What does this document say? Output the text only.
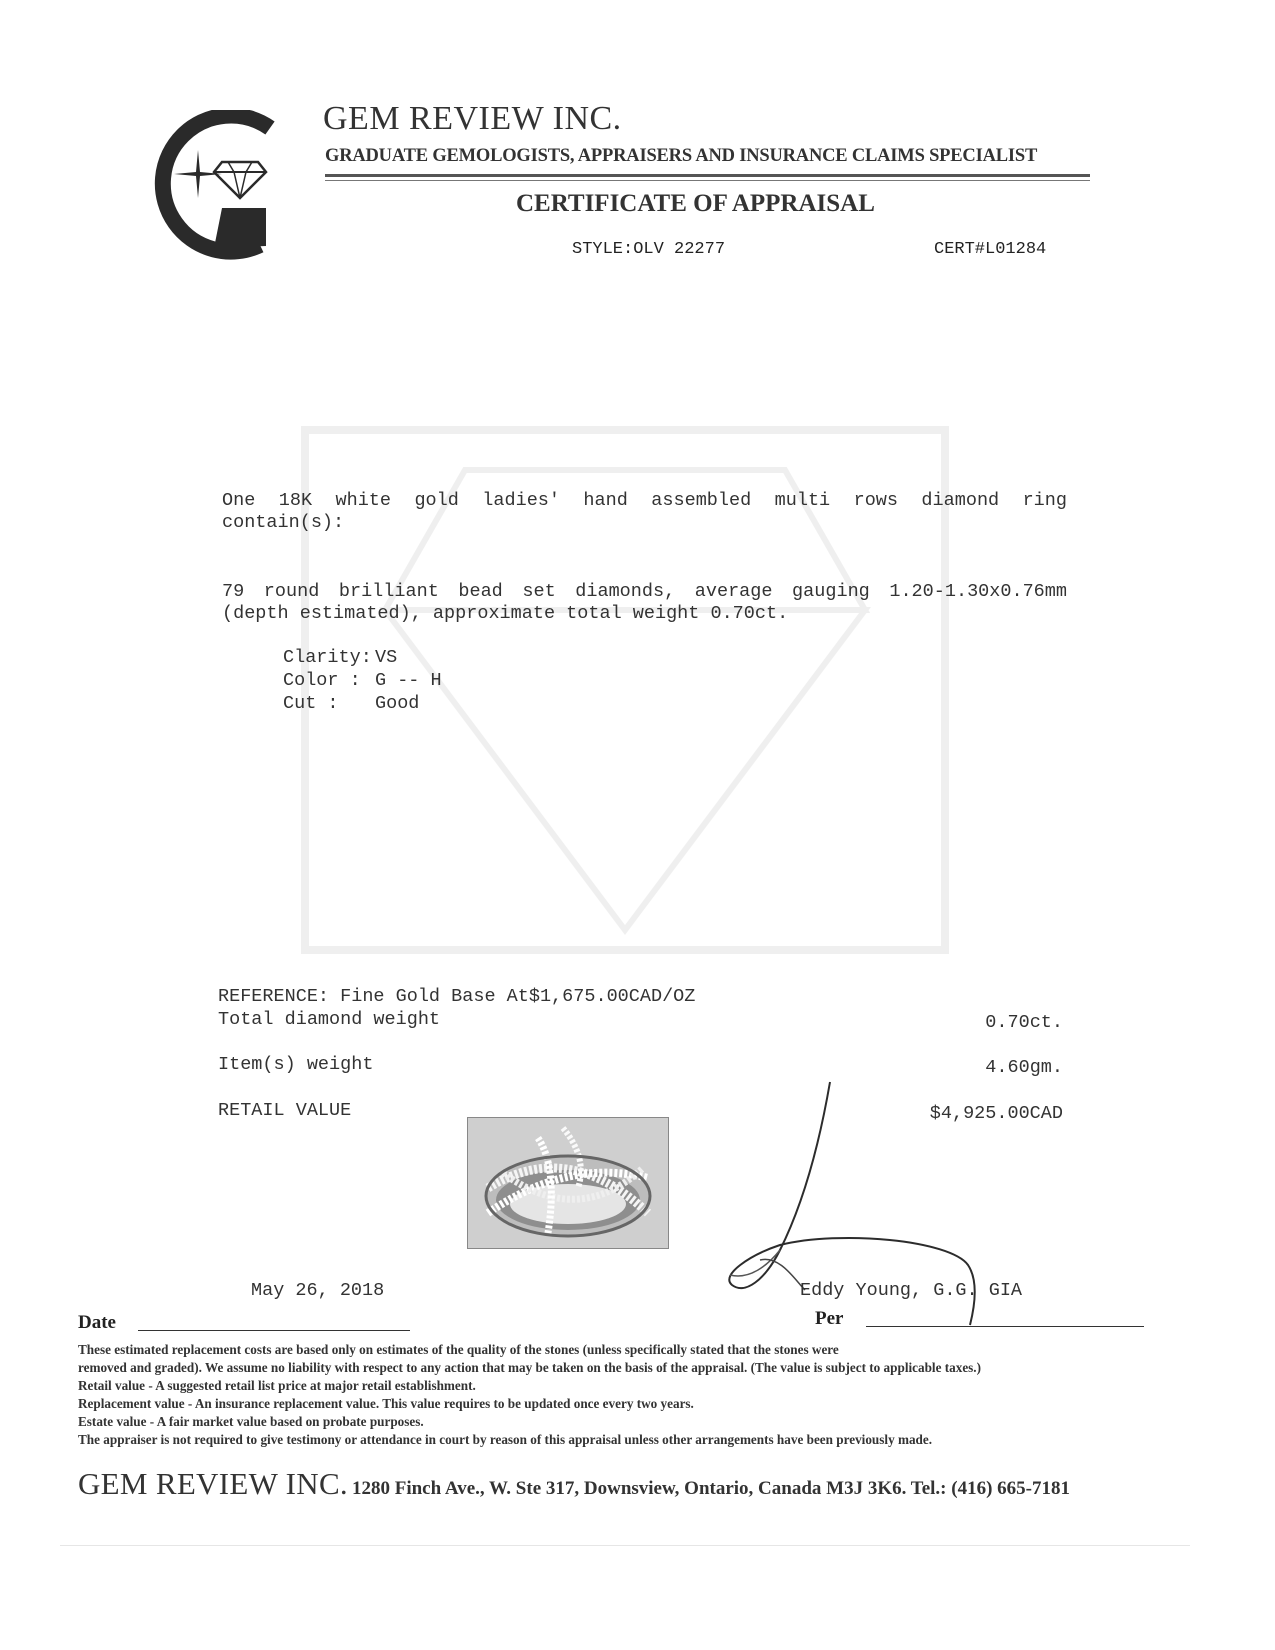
GEM REVIEW INC.
GRADUATE GEMOLOGISTS, APPRAISERS AND INSURANCE CLAIMS SPECIALIST
CERTIFICATE OF APPRAISAL
STYLE:OLV 22277	CERT#L01284
One 18K white gold ladies' hand assembled multi rows diamond ring contain(s):
79 round brilliant bead set diamonds, average gauging 1.20-1.30x0.76mm (depth estimated), approximate total weight 0.70ct.
Clarity: VS
Color : G -- H
Cut : Good
REFERENCE: Fine Gold Base At$1,675.00CAD/OZ
Total diamond weight	0.70ct.
Item(s) weight	4.60gm.
RETAIL VALUE	$4,925.00CAD
May 26, 2018
Date
Eddy Young, G.G. GIA
Per
These estimated replacement costs are based only on estimates of the quality of the stones (unless specifically stated that the stones were
removed and graded). We assume no liability with respect to any action that may be taken on the basis of the appraisal. (The value is subject to applicable taxes.)
Retail value - A suggested retail list price at major retail establishment.
Replacement value - An insurance replacement value. This value requires to be updated once every two years.
Estate value - A fair market value based on probate purposes.
The appraiser is not required to give testimony or attendance in court by reason of this appraisal unless other arrangements have been previously made.
GEM REVIEW INC. 1280 Finch Ave., W. Ste 317, Downsview, Ontario, Canada M3J 3K6. Tel.: (416) 665-7181
